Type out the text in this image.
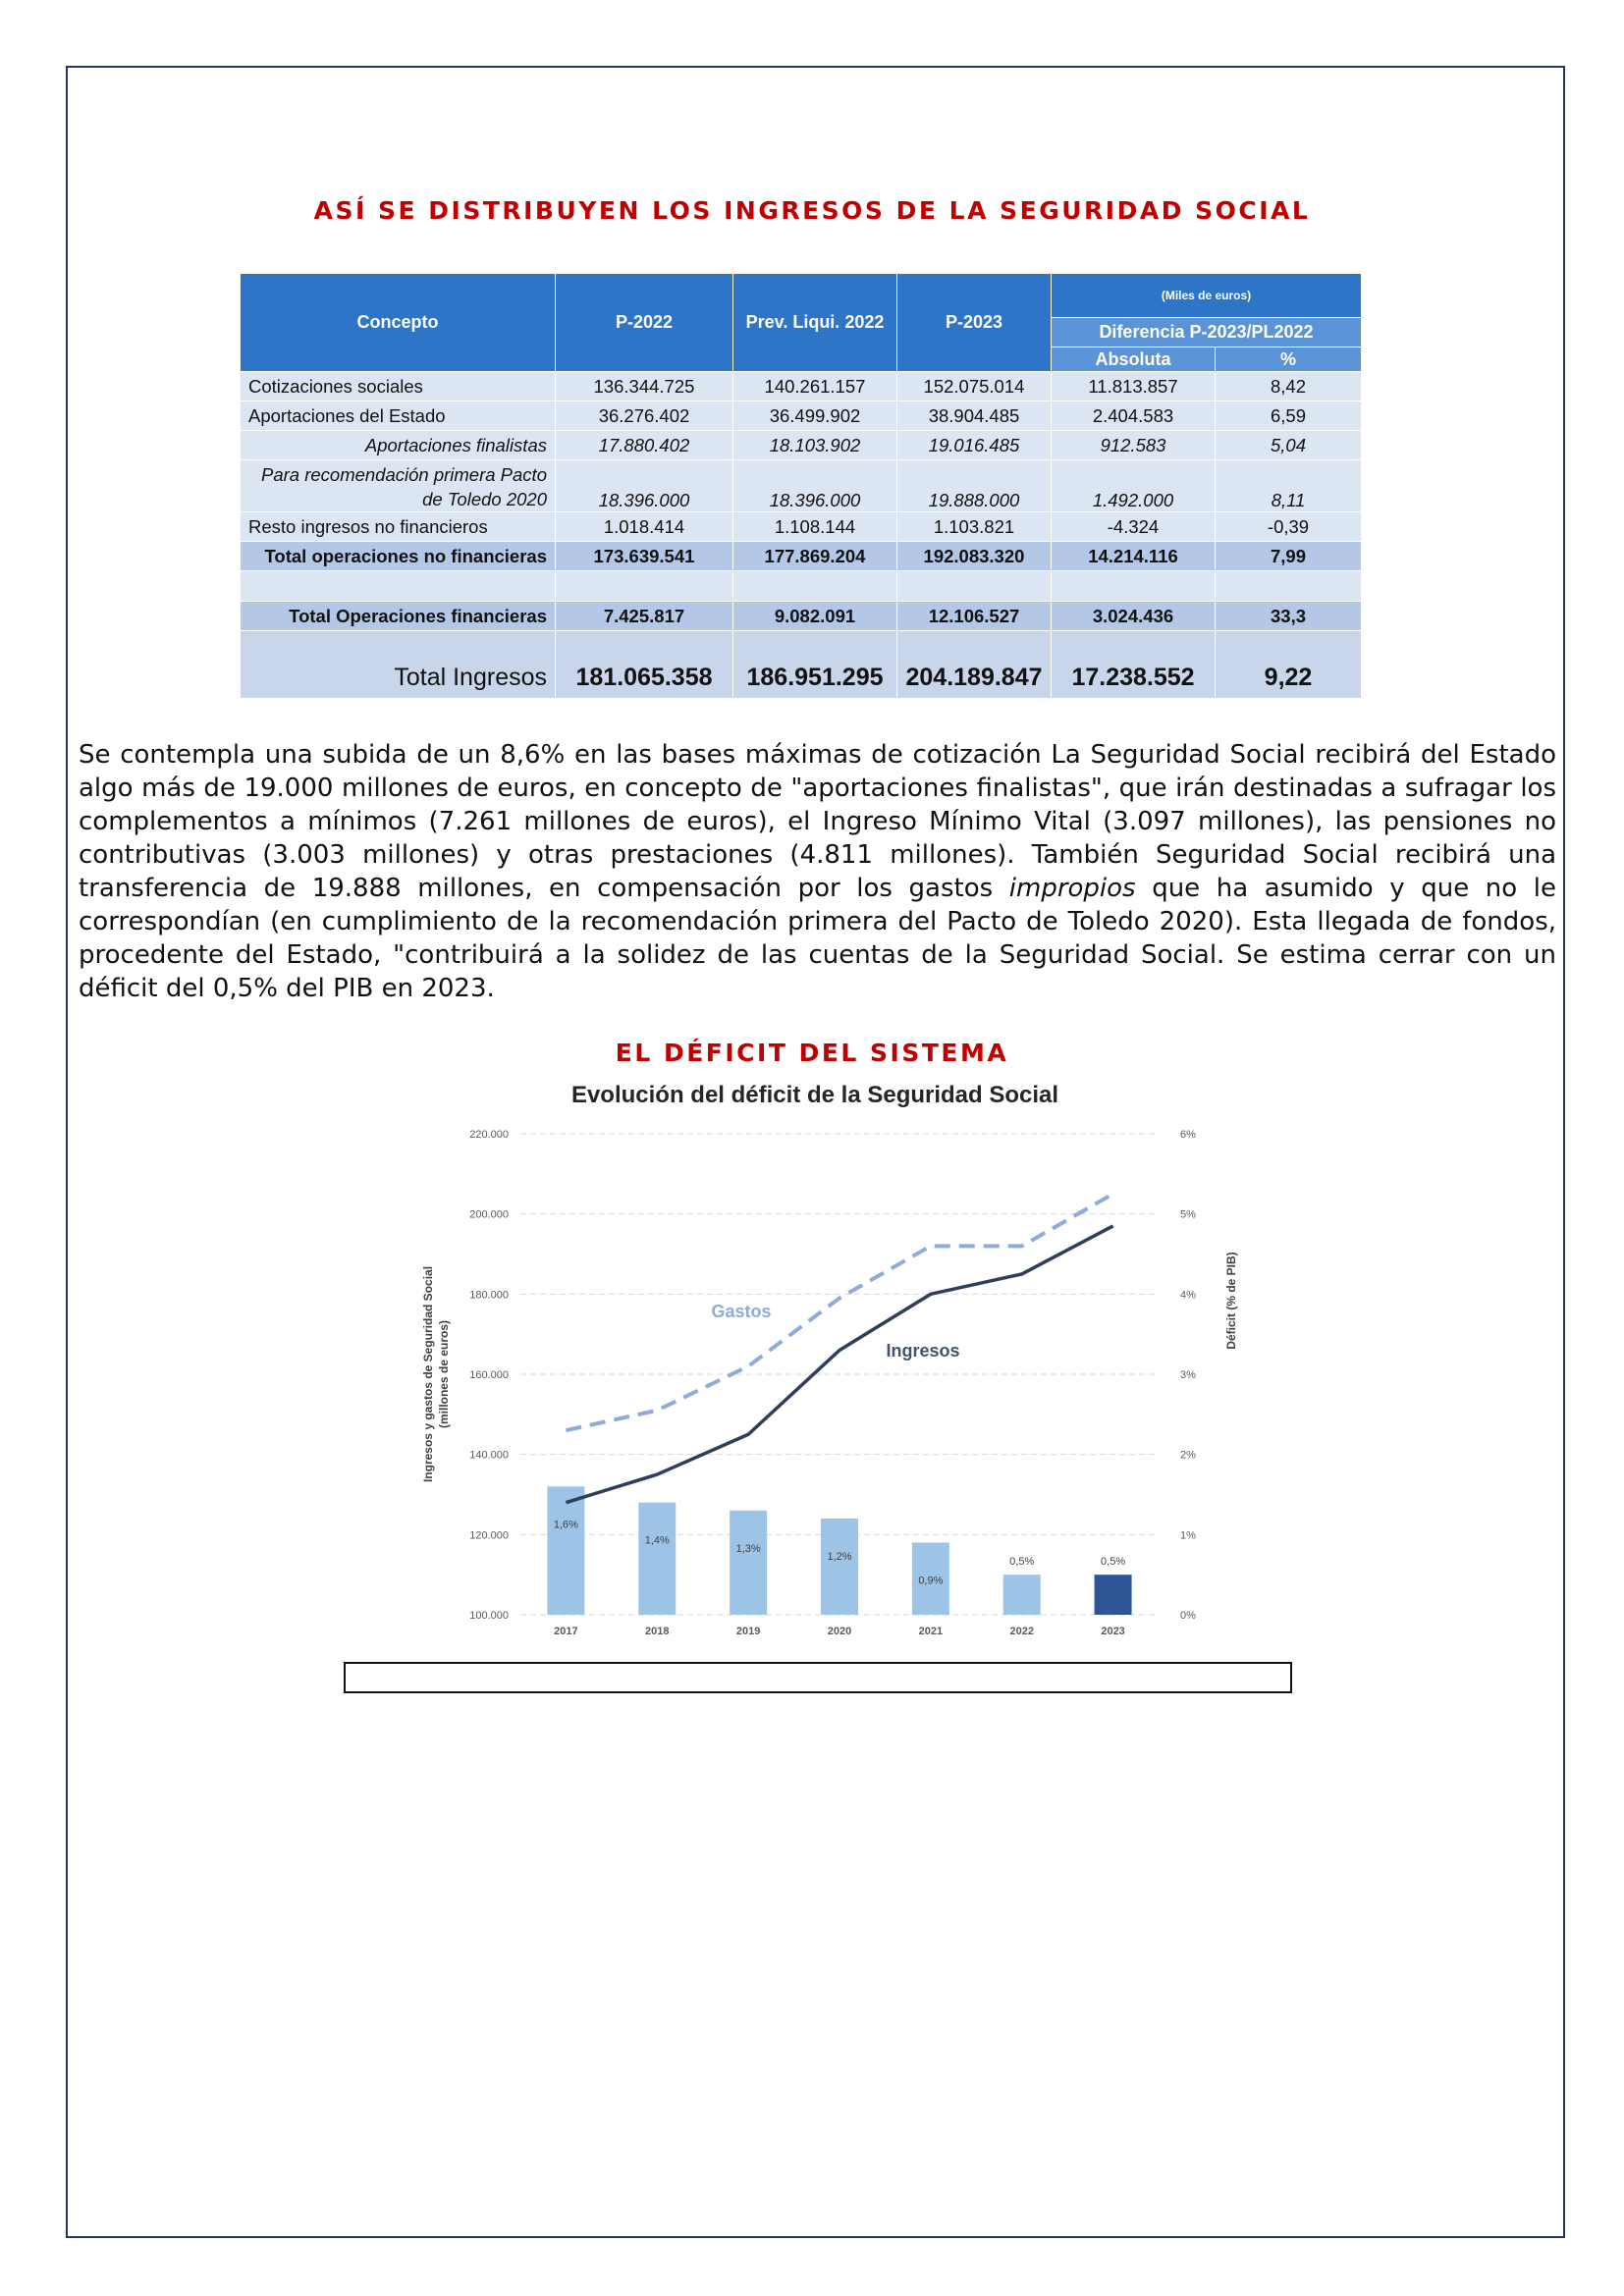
ASÍ SE DISTRIBUYEN LOS INGRESOS DE LA SEGURIDAD SOCIAL
Concepto	P-2022	Prev. Liqui. 2022	P-2023	(Miles de euros)	
				Diferencia P-2023/PL2022	
				Absoluta	%
Cotizaciones sociales	136.344.725	140.261.157	152.075.014	11.813.857	8,42
Aportaciones del Estado	36.276.402	36.499.902	38.904.485	2.404.583	6,59
Aportaciones finalistas	17.880.402	18.103.902	19.016.485	912.583	5,04
Para recomendación primera Pacto de Toledo 2020	18.396.000	18.396.000	19.888.000	1.492.000	8,11
Resto ingresos no financieros	1.018.414	1.108.144	1.103.821	-4.324	-0,39
Total operaciones no financieras	173.639.541	177.869.204	192.083.320	14.214.116	7,99

Total Operaciones financieras	7.425.817	9.082.091	12.106.527	3.024.436	33,3
Total Ingresos	181.065.358	186.951.295	204.189.847	17.238.552	9,22
Se contempla una subida de un 8,6% en las bases máximas de cotización La Seguridad Social recibirá del Estado algo más de 19.000 millones de euros, en concepto de "aportaciones finalistas", que irán destinadas a sufragar los complementos a mínimos (7.261 millones de euros), el Ingreso Mínimo Vital (3.097 millones), las pensiones no contributivas (3.003 millones) y otras prestaciones (4.811 millones). También Seguridad Social recibirá una transferencia de 19.888 millones, en compensación por los gastos impropios que ha asumido y que no le correspondían (en cumplimiento de la recomendación primera del Pacto de Toledo 2020). Esta llegada de fondos, procedente del Estado, "contribuirá a la solidez de las cuentas de la Seguridad Social. Se estima cerrar con un déficit del 0,5% del PIB en 2023.
EL DÉFICIT DEL SISTEMA
Evolución del déficit de la Seguridad Social
100.000
120.000
140.000
160.000
180.000
200.000
220.000
0%
1%
2%
3%
4%
5%
6%
1,6%
1,4%
1,3%
1,2%
0,9%
0,5%	0,5%
2017	2018	2019	2020	2021	2022	2023
Gastos
Ingresos
Ingresos y gastos de Seguridad Social (millones de euros)
Déficit (% de PIB)
